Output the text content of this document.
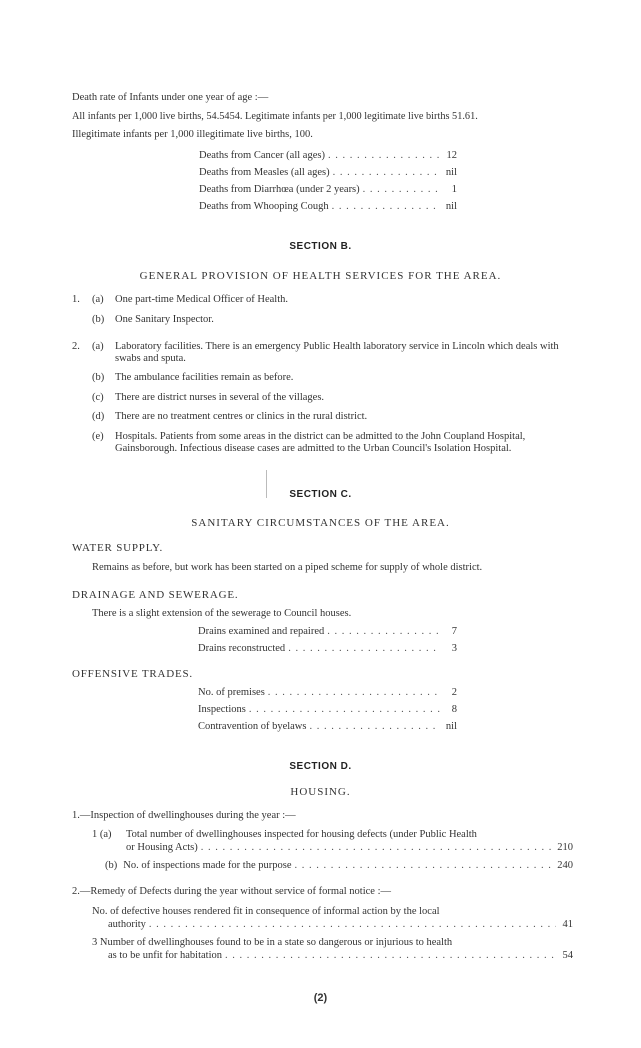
Death rate of Infants under one year of age :—
All infants per 1,000 live births, 54.5454. Legitimate infants per 1,000 legitimate live births 51.61.
Illegitimate infants per 1,000 illegitimate live births, 100.
Deaths from Cancer (all ages) . . .	12
Deaths from Measles (all ages) . . .	nil
Deaths from Diarrhœa (under 2 years) . . .	1
Deaths from Whooping Cough . . .	nil
SECTION B.
GENERAL PROVISION OF HEALTH SERVICES FOR THE AREA.
1. (a) One part-time Medical Officer of Health.
(b) One Sanitary Inspector.
2. (a) Laboratory facilities. There is an emergency Public Health laboratory service in Lincoln which deals with swabs and sputa.
(b) The ambulance facilities remain as before.
(c) There are district nurses in several of the villages.
(d) There are no treatment centres or clinics in the rural district.
(e) Hospitals. Patients from some areas in the district can be admitted to the John Coupland Hospital, Gainsborough. Infectious disease cases are admitted to the Urban Council's Isolation Hospital.
SECTION C.
SANITARY CIRCUMSTANCES OF THE AREA.
WATER SUPPLY.
Remains as before, but work has been started on a piped scheme for supply of whole district.
DRAINAGE AND SEWERAGE.
There is a slight extension of the sewerage to Council houses.
Drains examined and repaired . . .	7
Drains reconstructed . . .	3
OFFENSIVE TRADES.
No. of premises . . .	2
Inspections . . .	8
Contravention of byelaws . . .	nil
SECTION D.
HOUSING.
1.—Inspection of dwellinghouses during the year :—
1 (a) Total number of dwellinghouses inspected for housing defects (under Public Health
or Housing Acts) . . .	210
(b) No. of inspections made for the purpose . . .	240
2.—Remedy of Defects during the year without service of formal notice :—
No. of defective houses rendered fit in consequence of informal action by the local
authority . . .	41
3 Number of dwellinghouses found to be in a state so dangerous or injurious to health
as to be unfit for habitation . . .	54
(2)
